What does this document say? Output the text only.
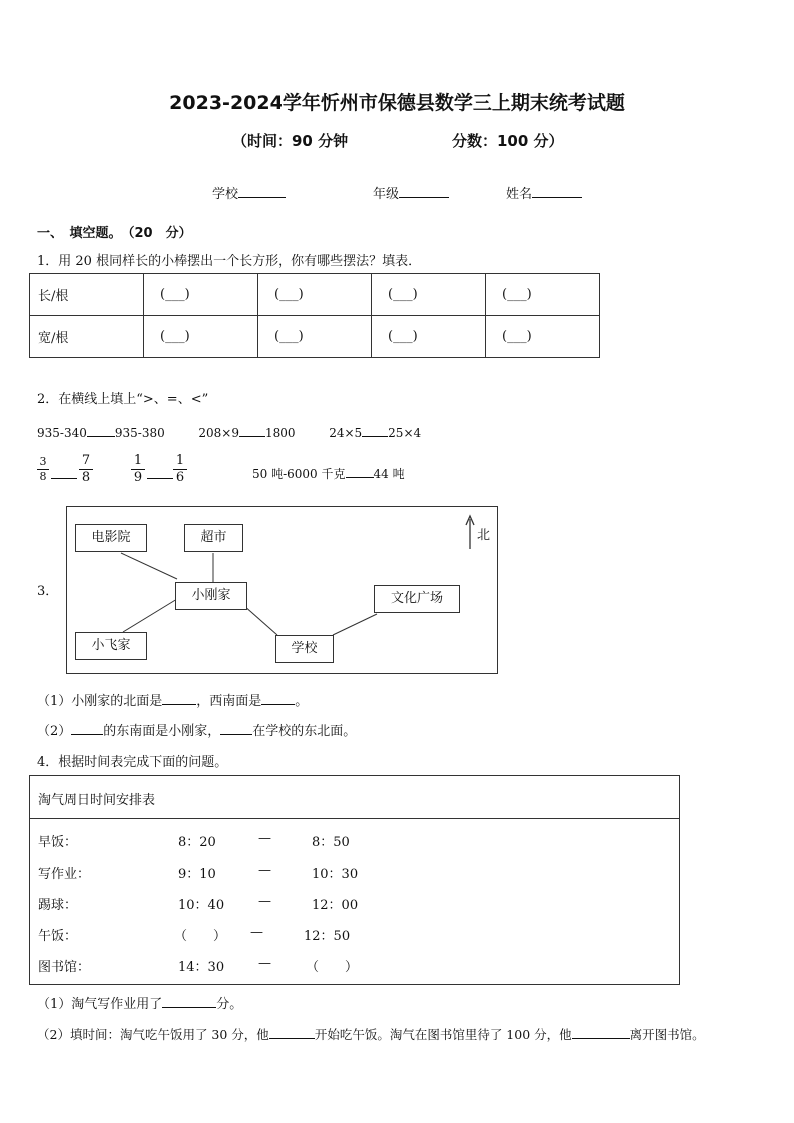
2023-2024学年忻州市保德县数学三上期末统考试题
（时间：90 分钟	分数：100 分）
学校	年级	姓名
一、　填空题。　（20　分）
1．用 20 根同样长的小棒摆出一个长方形，你有哪些摆法？填表．
长/根	(___)	(___)	(___)	(___)
宽/根	(___)	(___)	(___)	(___)
2．在横线上填上“>、=、<”
935-340 935-380	208×9 1800	24×5 25×4
$\frac{3}{8} \frac{7}{8}$	$\frac{1}{9} \frac{1}{6}$	50 吨-6000 千克 44 吨
3．
北
电影院	超市
小刚家	文化广场
小飞家	学校
（1）小刚家的北面是	，西南面是	。
（2） 的东南面是小刚家， 在学校的东北面。
4．根据时间表完成下面的问题。
淘气周日时间安排表
早饭：	8：20	—	8：50
写作业：	9：10	—	10：30
踢球：	10：40	—	12：00
午饭：	（　　） —	12：50
图书馆：	14：30	—	（　　）
（1）淘气写作业用了	分。
（2）填时间：淘气吃午饭用了 30 分，他	开始吃午饭。淘气在图书馆里待了 100 分，他	离开图书馆。
